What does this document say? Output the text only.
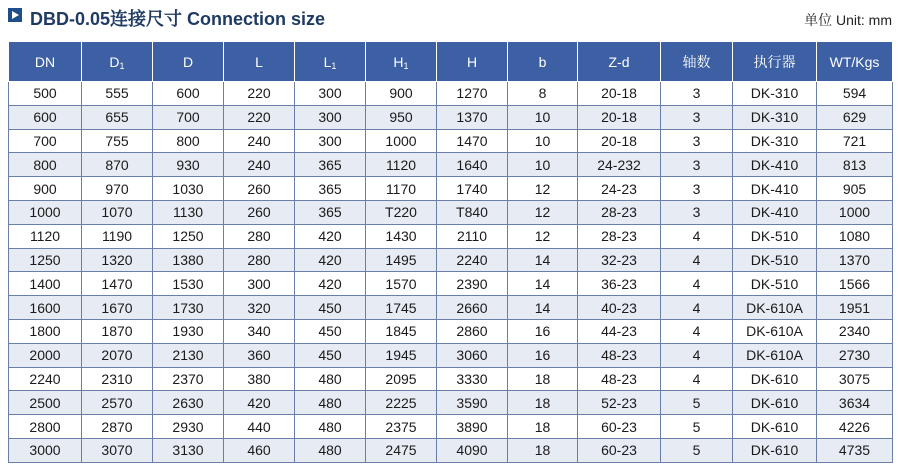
DBD-0.05连接尺寸 Connection size	单位 Unit: mm
DN	$D_1$	D	L	$L_1$	$H_1$	H	b	Z-d	轴数	执行器	WT/Kgs
500	555	600	220	300	900	1270	8	20-18	3	DK-310	594
600	655	700	220	300	950	1370	10	20-18	3	DK-310	629
700	755	800	240	300	1000	1470	10	20-18	3	DK-310	721
800	870	930	240	365	1120	1640	10	24-232	3	DK-410	813
900	970	1030	260	365	1170	1740	12	24-23	3	DK-410	905
1000	1070	1130	260	365	T220	T840	12	28-23	3	DK-410	1000
1120	1190	1250	280	420	1430	2110	12	28-23	4	DK-510	1080
1250	1320	1380	280	420	1495	2240	14	32-23	4	DK-510	1370
1400	1470	1530	300	420	1570	2390	14	36-23	4	DK-510	1566
1600	1670	1730	320	450	1745	2660	14	40-23	4	DK-610A	1951
1800	1870	1930	340	450	1845	2860	16	44-23	4	DK-610A	2340
2000	2070	2130	360	450	1945	3060	16	48-23	4	DK-610A	2730
2240	2310	2370	380	480	2095	3330	18	48-23	4	DK-610	3075
2500	2570	2630	420	480	2225	3590	18	52-23	5	DK-610	3634
2800	2870	2930	440	480	2375	3890	18	60-23	5	DK-610	4226
3000	3070	3130	460	480	2475	4090	18	60-23	5	DK-610	4735
